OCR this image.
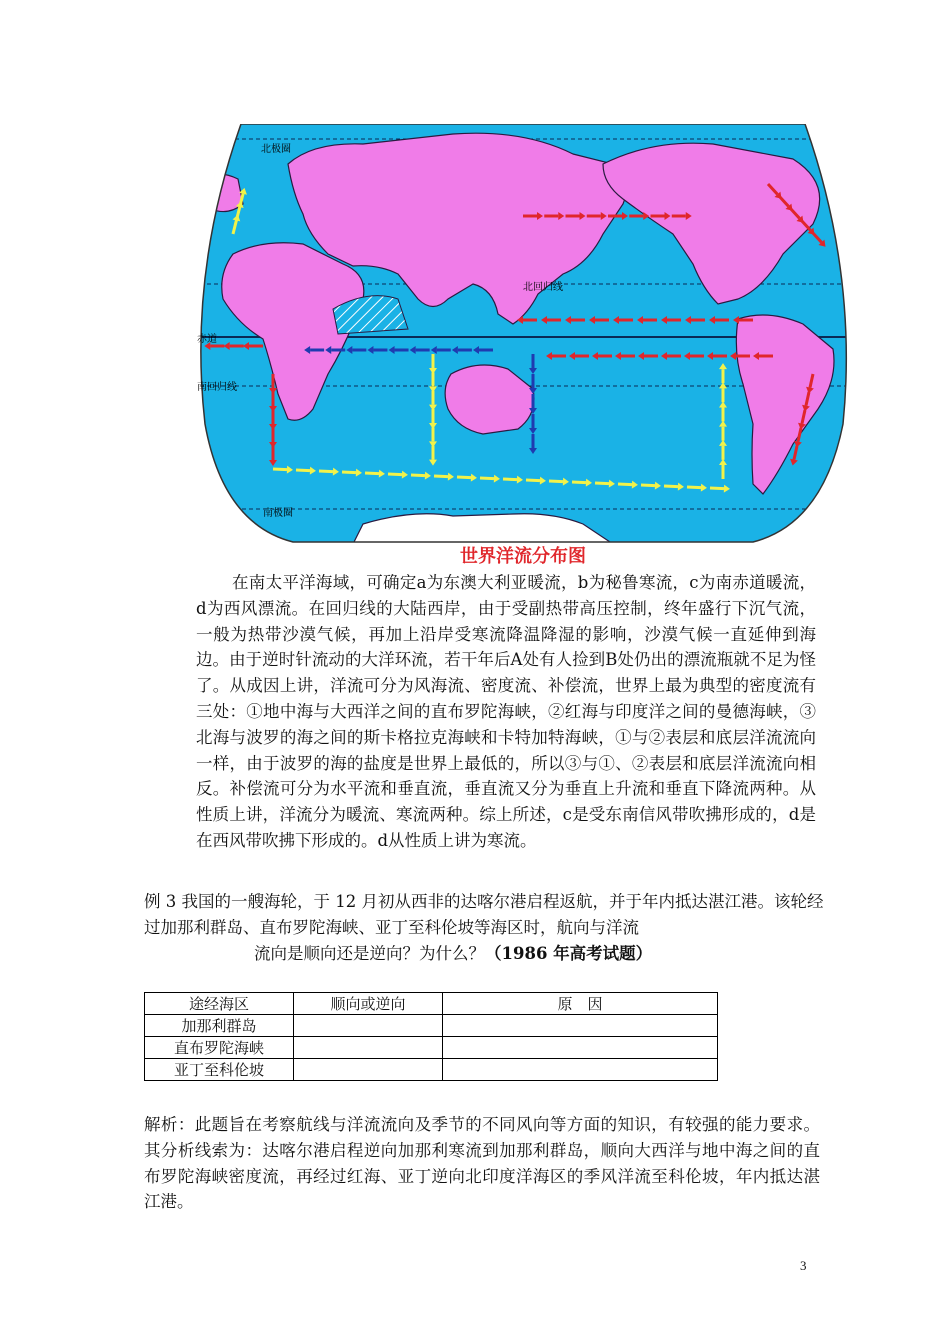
北极圈
北回归线
赤道
南回归线
南极圈
世界洋流分布图

在南太平洋海域，可确定a为东澳大利亚暖流，b为秘鲁寒流，c为南赤道暖流，d为西风漂流。在回归线的大陆西岸，由于受副热带高压控制，终年盛行下沉气流，一般为热带沙漠气候，再加上沿岸受寒流降温降湿的影响，沙漠气候一直延伸到海边。由于逆时针流动的大洋环流，若干年后A处有人捡到B处仍出的漂流瓶就不足为怪了。从成因上讲，洋流可分为风海流、密度流、补偿流，世界上最为典型的密度流有三处：①地中海与大西洋之间的直布罗陀海峡，②红海与印度洋之间的曼德海峡，③北海与波罗的海之间的斯卡格拉克海峡和卡特加特海峡，①与②表层和底层洋流流向一样，由于波罗的海的盐度是世界上最低的，所以③与①、②表层和底层洋流流向相反。补偿流可分为水平流和垂直流，垂直流又分为垂直上升流和垂直下降流两种。从性质上讲，洋流分为暖流、寒流两种。综上所述，c是受东南信风带吹拂形成的，d是在西风带吹拂下形成的。d从性质上讲为寒流。

例 3 我国的一艘海轮，于 12 月初从西非的达喀尔港启程返航，并于年内抵达湛江港。该轮经过加那利群岛、直布罗陀海峡、亚丁至科伦坡等海区时，航向与洋流
流向是顺向还是逆向？为什么？（1986 年高考试题）

途经海区	顺向或逆向	原　因
加那利群岛		
直布罗陀海峡		
亚丁至科伦坡		

解析：此题旨在考察航线与洋流流向及季节的不同风向等方面的知识，有较强的能力要求。其分析线索为：达喀尔港启程逆向加那利寒流到加那利群岛，顺向大西洋与地中海之间的直布罗陀海峡密度流，再经过红海、亚丁逆向北印度洋海区的季风洋流至科伦坡，年内抵达湛江港。

3
